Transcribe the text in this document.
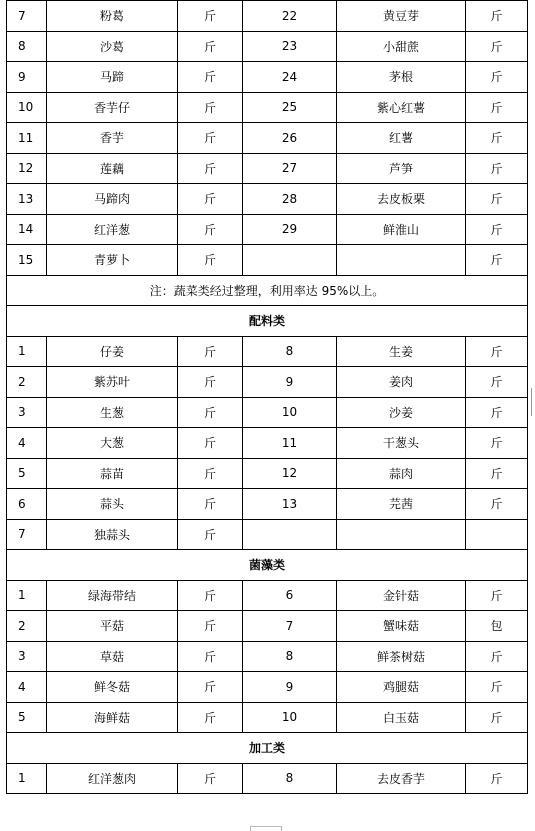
7	粉葛	斤	22	黄豆芽	斤
8	沙葛	斤	23	小甜蔗	斤
9	马蹄	斤	24	茅根	斤
10	香芋仔	斤	25	紫心红薯	斤
11	香芋	斤	26	红薯	斤
12	莲藕	斤	27	芦笋	斤
13	马蹄肉	斤	28	去皮板栗	斤
14	红洋葱	斤	29	鲜淮山	斤
15	青萝卜	斤			斤
注：蔬菜类经过整理，利用率达 95%以上。					
配料类					
1	仔姜	斤	8	生姜	斤
2	紫苏叶	斤	9	姜肉	斤
3	生葱	斤	10	沙姜	斤
4	大葱	斤	11	干葱头	斤
5	蒜苗	斤	12	蒜肉	斤
6	蒜头	斤	13	芫茜	斤
7	独蒜头	斤			
菌藻类					
1	绿海带结	斤	6	金针菇	斤
2	平菇	斤	7	蟹味菇	包
3	草菇	斤	8	鲜茶树菇	斤
4	鲜冬菇	斤	9	鸡腿菇	斤
5	海鲜菇	斤	10	白玉菇	斤
加工类					
1	红洋葱肉	斤	8	去皮香芋	斤
